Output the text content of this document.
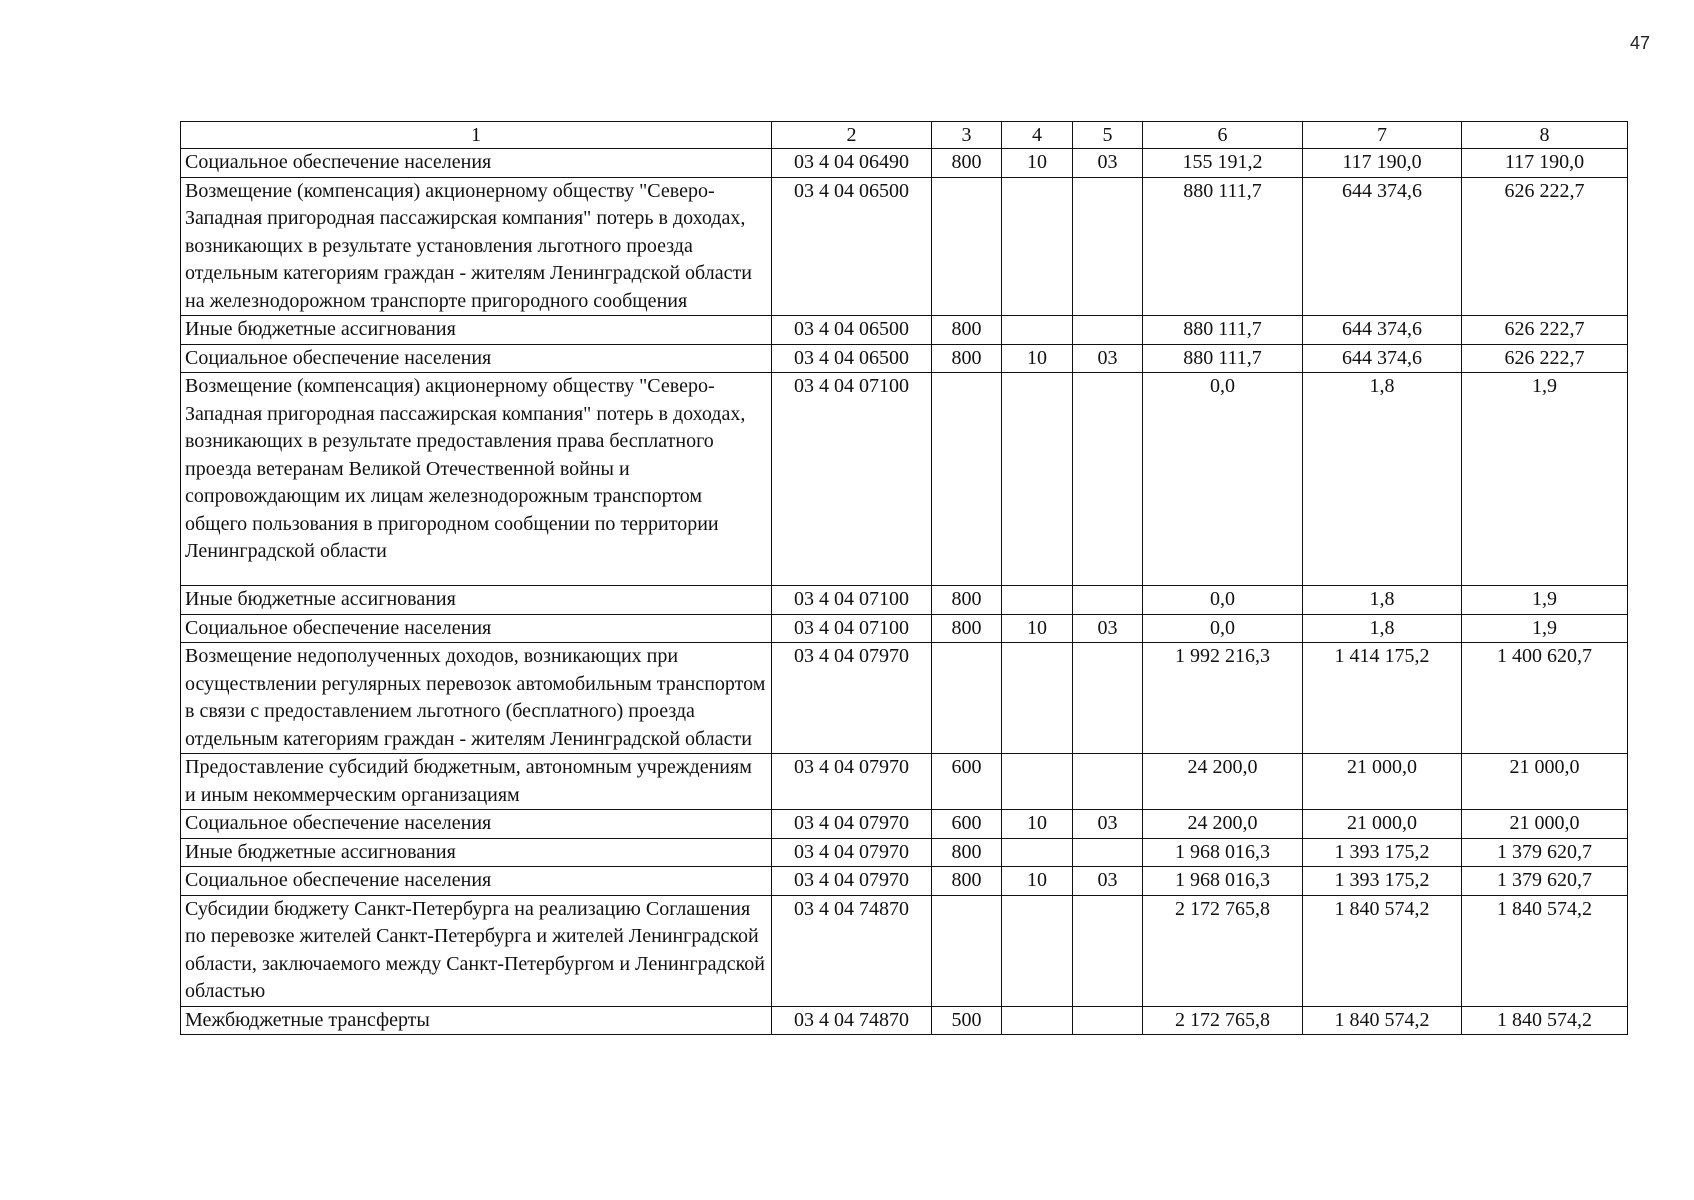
47
1	2	3	4	5	6	7	8
Социальное обеспечение населения	03 4 04 06490	800	10	03	155 191,2	117 190,0	117 190,0
Возмещение (компенсация) акционерному обществу "Северо-Западная пригородная пассажирская компания" потерь в доходах, возникающих в результате установления льготного проезда отдельным категориям граждан - жителям Ленинградской области на железнодорожном транспорте пригородного сообщения	03 4 04 06500				880 111,7	644 374,6	626 222,7
Иные бюджетные ассигнования	03 4 04 06500	800			880 111,7	644 374,6	626 222,7
Социальное обеспечение населения	03 4 04 06500	800	10	03	880 111,7	644 374,6	626 222,7
Возмещение (компенсация) акционерному обществу "Северо-Западная пригородная пассажирская компания" потерь в доходах, возникающих в результате предоставления права бесплатного проезда ветеранам Великой Отечественной войны и сопровождающим их лицам железнодорожным транспортом общего пользования в пригородном сообщении по территории Ленинградской области	03 4 04 07100				0,0	1,8	1,9
Иные бюджетные ассигнования	03 4 04 07100	800			0,0	1,8	1,9
Социальное обеспечение населения	03 4 04 07100	800	10	03	0,0	1,8	1,9
Возмещение недополученных доходов, возникающих при осуществлении регулярных перевозок автомобильным транспортом в связи с предоставлением льготного (бесплатного) проезда отдельным категориям граждан - жителям Ленинградской области	03 4 04 07970				1 992 216,3	1 414 175,2	1 400 620,7
Предоставление субсидий бюджетным, автономным учреждениям и иным некоммерческим организациям	03 4 04 07970	600			24 200,0	21 000,0	21 000,0
Социальное обеспечение населения	03 4 04 07970	600	10	03	24 200,0	21 000,0	21 000,0
Иные бюджетные ассигнования	03 4 04 07970	800			1 968 016,3	1 393 175,2	1 379 620,7
Социальное обеспечение населения	03 4 04 07970	800	10	03	1 968 016,3	1 393 175,2	1 379 620,7
Субсидии бюджету Санкт-Петербурга на реализацию Соглашения по перевозке жителей Санкт-Петербурга и жителей Ленинградской области, заключаемого между Санкт-Петербургом и Ленинградской областью	03 4 04 74870				2 172 765,8	1 840 574,2	1 840 574,2
Межбюджетные трансферты	03 4 04 74870	500			2 172 765,8	1 840 574,2	1 840 574,2
